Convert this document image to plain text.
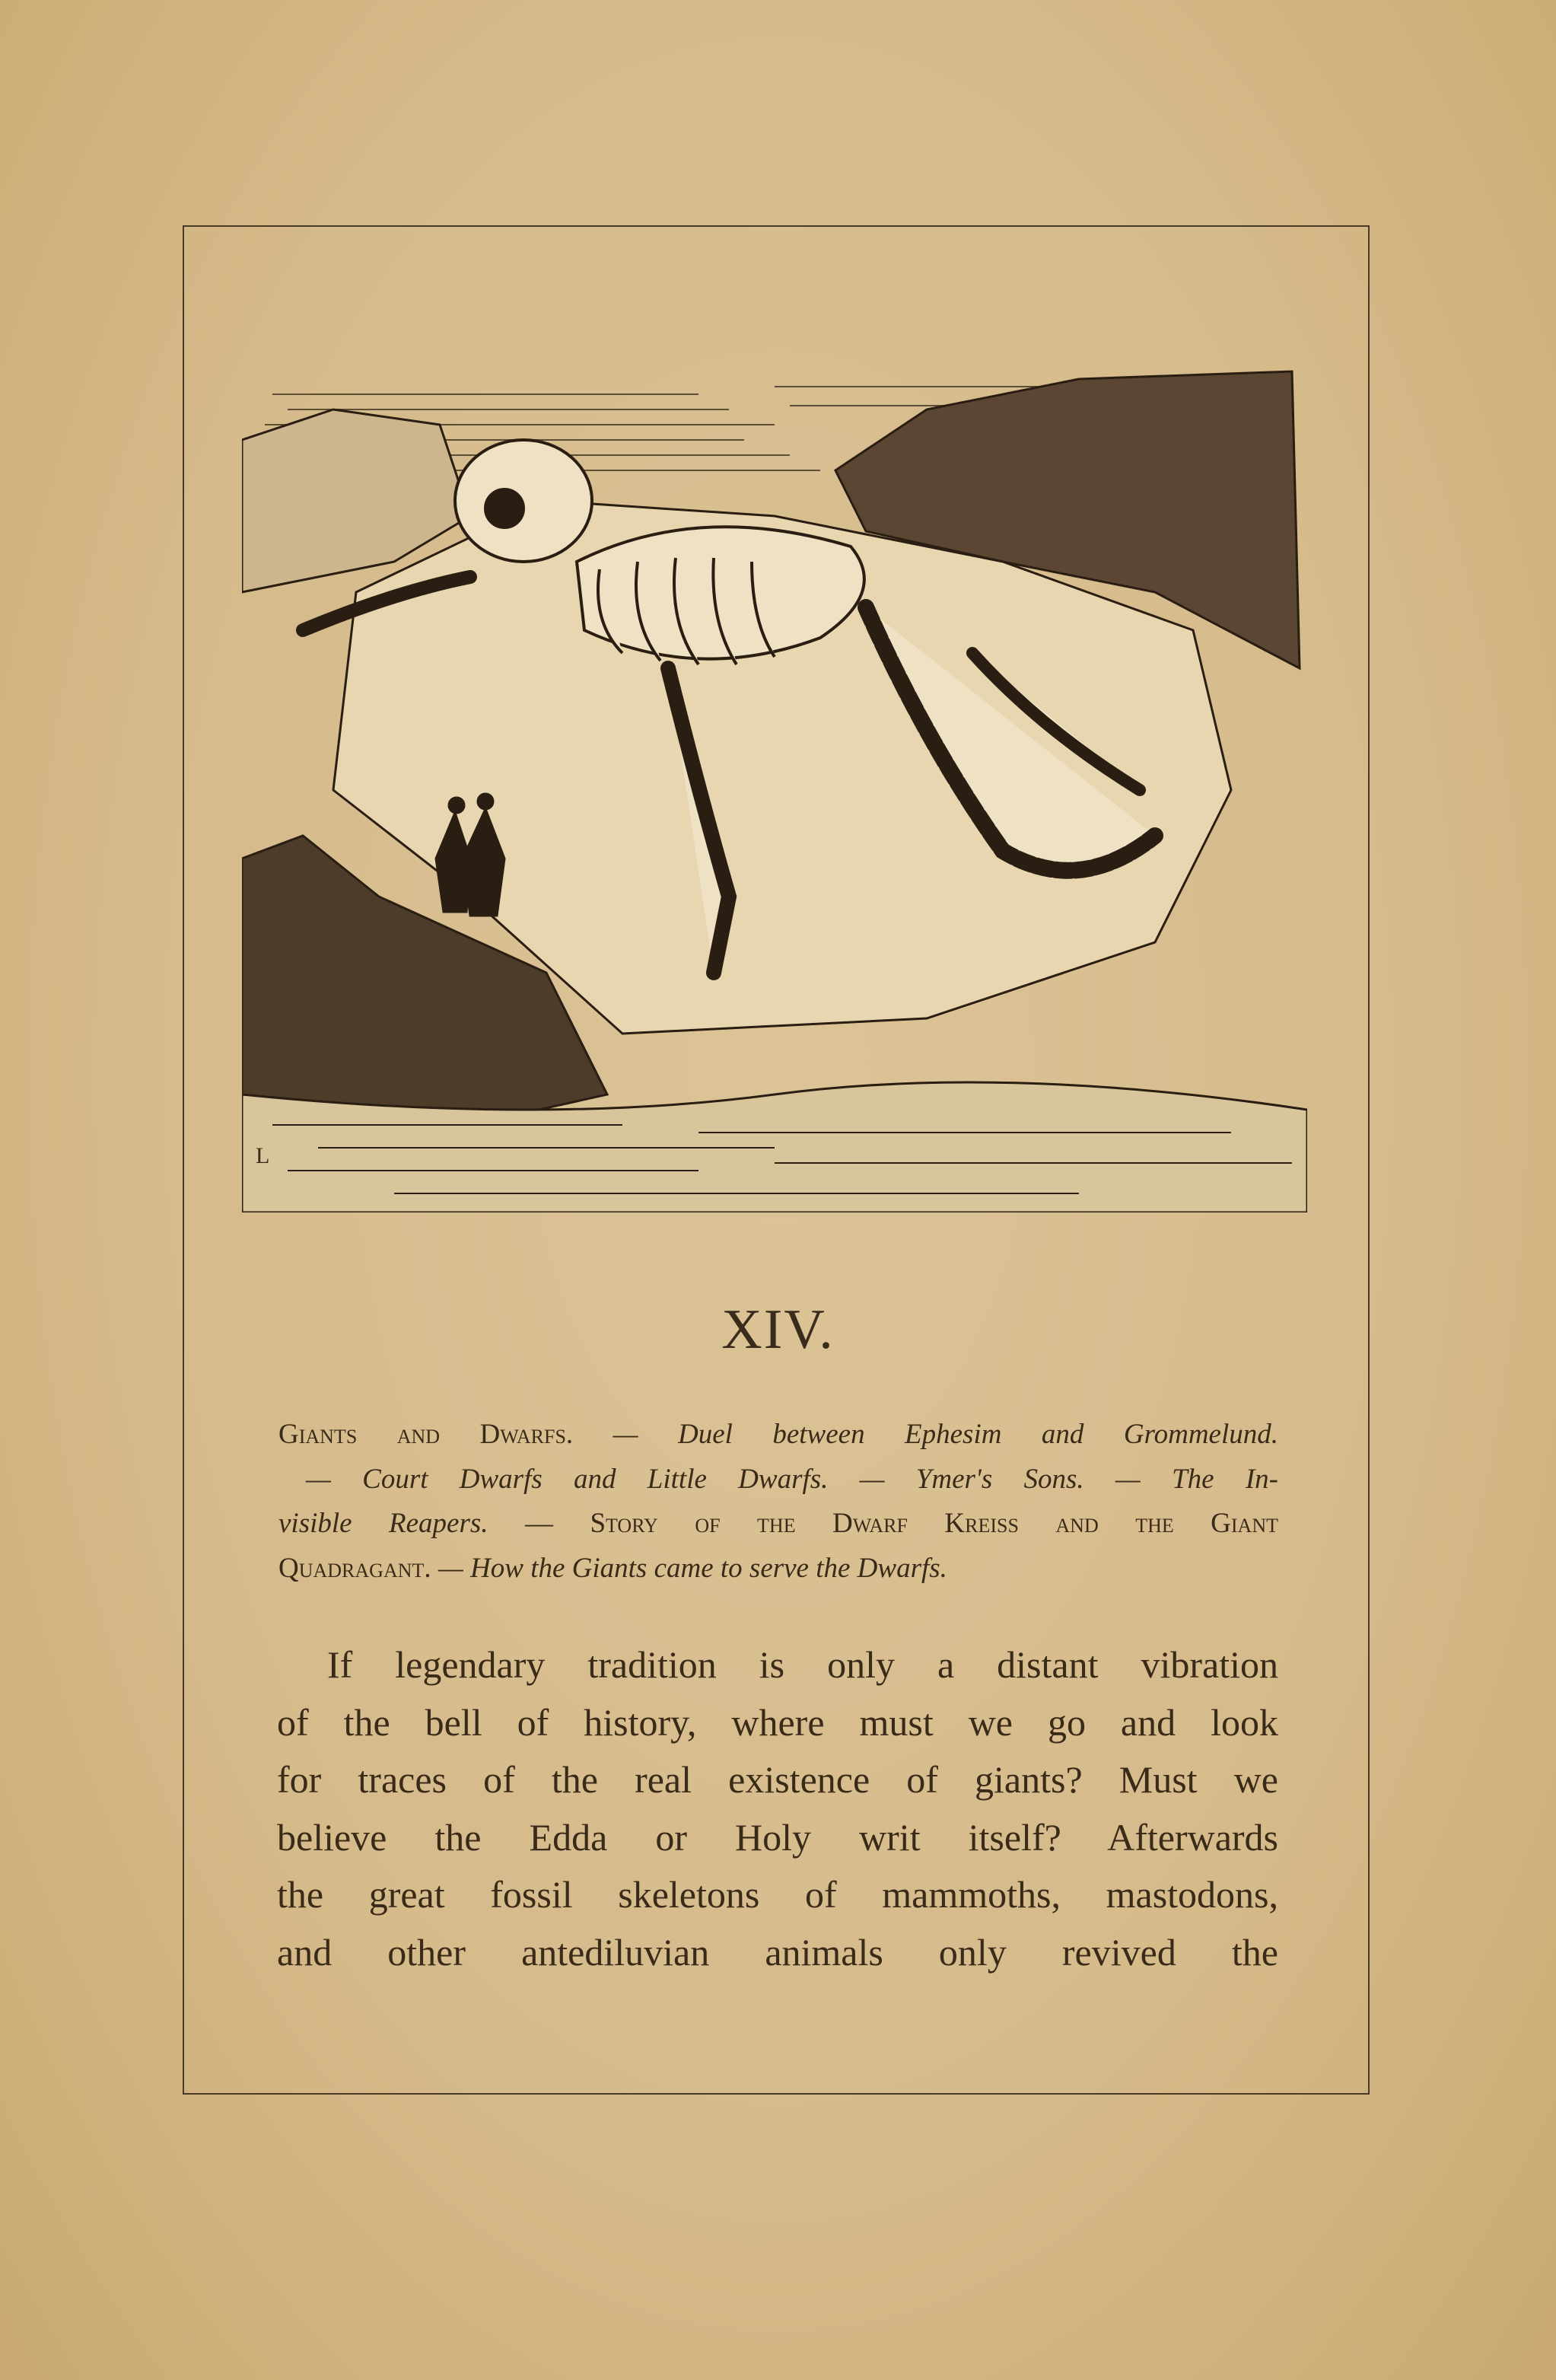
L
XIV.
Giants and Dwarfs. — Duel between Ephesim and Grommelund.
— Court Dwarfs and Little Dwarfs. — Ymer's Sons. — The In-
visible Reapers. — Story of the Dwarf Kreiss and the Giant
Quadragant. — How the Giants came to serve the Dwarfs.
If legendary tradition is only a distant vibration
of the bell of history, where must we go and look
for traces of the real existence of giants? Must we
believe the Edda or Holy writ itself? Afterwards
the great fossil skeletons of mammoths, mastodons,
and other antediluvian animals only revived the
